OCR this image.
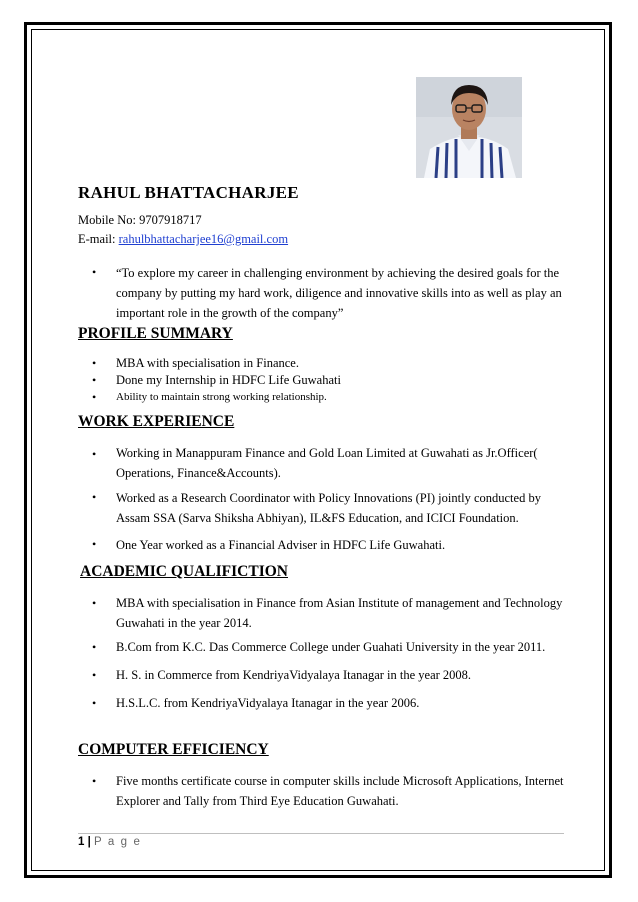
RAHUL BHATTACHARJEE
Mobile No: 9707918717
E-mail: rahulbhattacharjee16@gmail.com
•	“To explore my career in challenging environment by achieving the desired goals for the company by putting my hard work, diligence and innovative skills into as well as play an important role in the growth of the company”
PROFILE SUMMARY
•	MBA with specialisation in Finance.
•	Done my Internship in HDFC Life Guwahati
•	Ability to maintain strong working relationship.
WORK EXPERIENCE
•	Working in Manappuram Finance and Gold Loan Limited at Guwahati as Jr.Officer( Operations, Finance&Accounts).
•	Worked as a Research Coordinator with Policy Innovations (PI) jointly conducted by Assam SSA (Sarva Shiksha Abhiyan), IL&FS Education, and ICICI Foundation.
•	One Year worked as a Financial Adviser in HDFC Life Guwahati.
ACADEMIC QUALIFICTION
•	MBA with specialisation in Finance from Asian Institute of management and Technology Guwahati in the year 2014.
•	B.Com from K.C. Das Commerce College under Guahati University in the year 2011.
•	H. S. in Commerce from KendriyaVidyalaya Itanagar in the year 2008.
•	H.S.L.C. from KendriyaVidyalaya Itanagar in the year 2006.
COMPUTER EFFICIENCY
•	Five months certificate course in computer skills include Microsoft Applications, Internet Explorer and Tally from Third Eye Education Guwahati.
1 | P a g e
